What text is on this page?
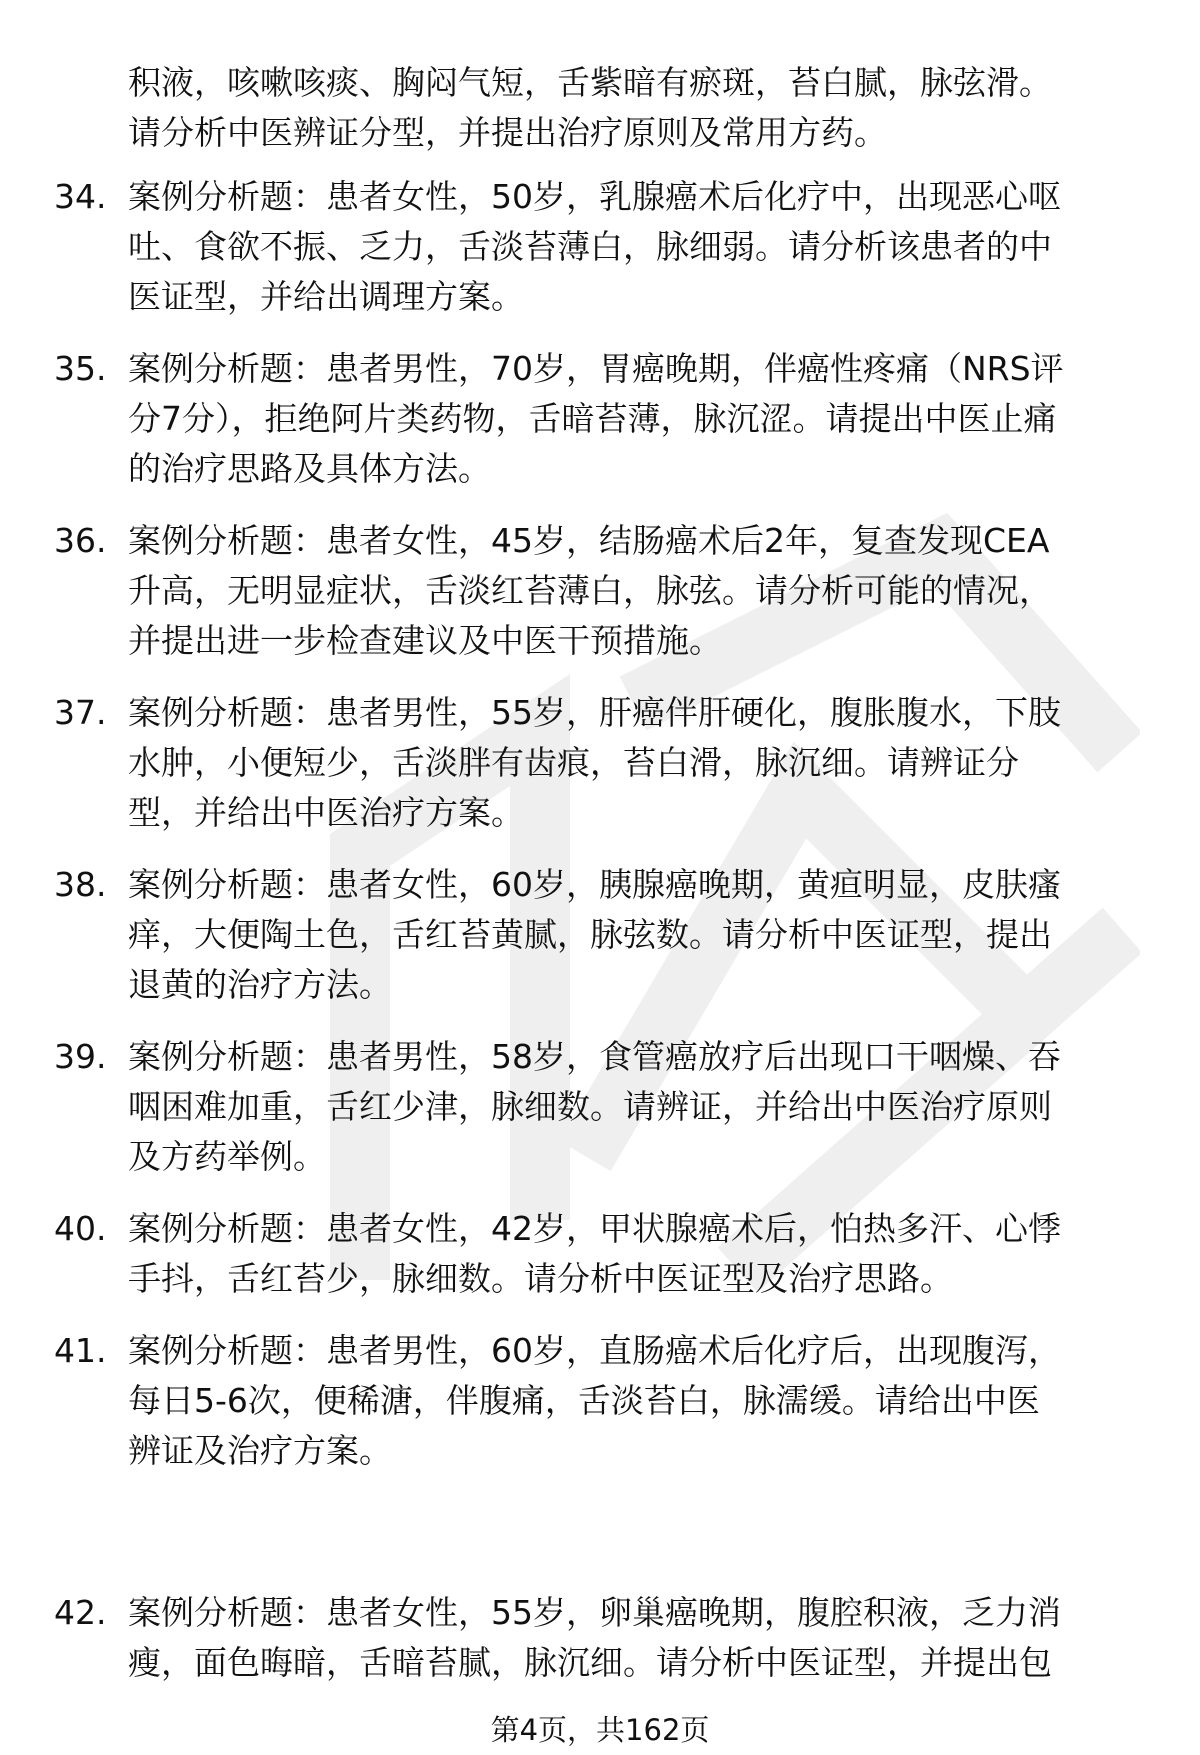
积液，咳嗽咳痰、胸闷气短，舌紫暗有瘀斑，苔白腻，脉弦滑。
请分析中医辨证分型，并提出治疗原则及常用方药。
34. 案例分析题：患者女性，50岁，乳腺癌术后化疗中，出现恶心呕
吐、食欲不振、乏力，舌淡苔薄白，脉细弱。请分析该患者的中
医证型，并给出调理方案。
35. 案例分析题：患者男性，70岁，胃癌晚期，伴癌性疼痛（NRS评
分7分），拒绝阿片类药物，舌暗苔薄，脉沉涩。请提出中医止痛
的治疗思路及具体方法。
36. 案例分析题：患者女性，45岁，结肠癌术后2年，复查发现CEA
升高，无明显症状，舌淡红苔薄白，脉弦。请分析可能的情况，
并提出进一步检查建议及中医干预措施。
37. 案例分析题：患者男性，55岁，肝癌伴肝硬化，腹胀腹水，下肢
水肿，小便短少，舌淡胖有齿痕，苔白滑，脉沉细。请辨证分
型，并给出中医治疗方案。
38. 案例分析题：患者女性，60岁，胰腺癌晚期，黄疸明显，皮肤瘙
痒，大便陶土色，舌红苔黄腻，脉弦数。请分析中医证型，提出
退黄的治疗方法。
39. 案例分析题：患者男性，58岁，食管癌放疗后出现口干咽燥、吞
咽困难加重，舌红少津，脉细数。请辨证，并给出中医治疗原则
及方药举例。
40. 案例分析题：患者女性，42岁，甲状腺癌术后，怕热多汗、心悸
手抖，舌红苔少，脉细数。请分析中医证型及治疗思路。
41. 案例分析题：患者男性，60岁，直肠癌术后化疗后，出现腹泻，
每日5-6次，便稀溏，伴腹痛，舌淡苔白，脉濡缓。请给出中医
辨证及治疗方案。
42. 案例分析题：患者女性，55岁，卵巢癌晚期，腹腔积液，乏力消
瘦，面色晦暗，舌暗苔腻，脉沉细。请分析中医证型，并提出包
第4页，共162页
